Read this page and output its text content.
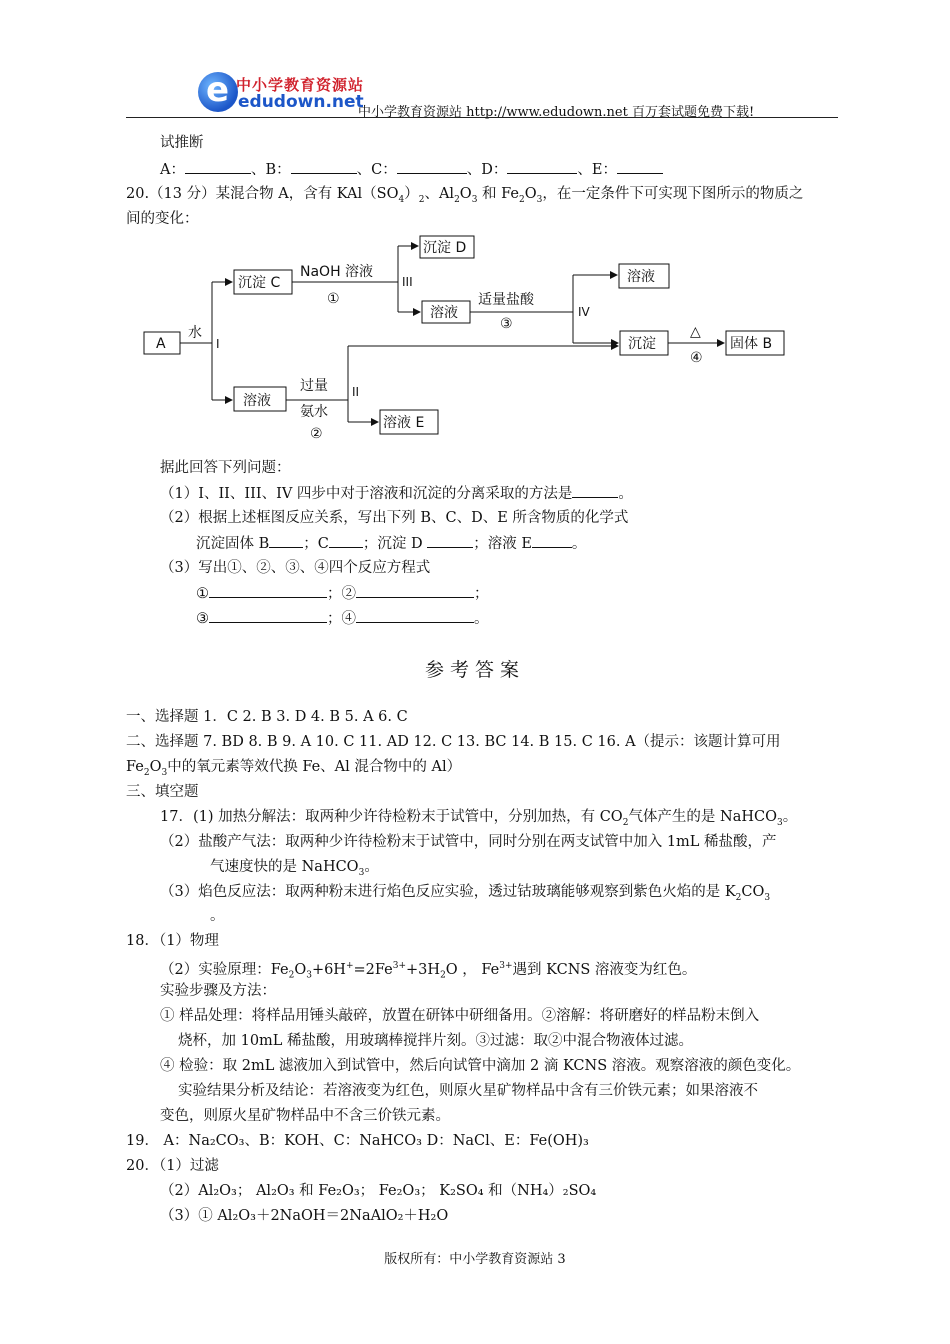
e 中小学教育资源站
edudown.net
中小学教育资源站 http://www.edudown.net 百万套试题免费下载!
试推断
A：	、B：	、C：	、D：	、E：
20.（13 分）某混合物 A，含有 $KAl(SO_4)_2$、$Al_2O_3$ 和 $Fe_2O_3$，在一定条件下可实现下图所示的物质之
间的变化：
A
水
I
沉淀 C
NaOH 溶液
①
III
沉淀 D
溶液
适量盐酸
③
IV
溶液
沉淀
△
④
固体 B
溶液
过量
氨水
②
II
溶液 E
据此回答下列问题：
（1）I、II、III、IV 四步中对于溶液和沉淀的分离采取的方法是	。
（2）根据上述框图反应关系，写出下列 B、C、D、E 所含物质的化学式
沉淀固体 B ；C ；沉淀 D	；溶液 E	。
（3）写出①、②、③、④四个反应方程式
①	；②	；
③	；④	。
参考答案
一、选择题 1．C 2. B 3. D 4. B 5. A 6. C
二、选择题 7. BD 8. B 9. A 10. C 11. AD 12. C 13. BC 14. B 15. C 16. A（提示：该题计算可用
$Fe_2O_3$中的氧元素等效代换 Fe、Al 混合物中的 Al）
三、填空题
17．(1) 加热分解法：取两种少许待检粉末于试管中，分别加热，有 $CO_2$气体产生的是 NaHCO$_3$。
（2）盐酸产气法：取两种少许待检粉末于试管中，同时分别在两支试管中加入 1mL 稀盐酸，产
气速度快的是 NaHCO$_3$。
（3）焰色反应法：取两种粉末进行焰色反应实验，透过钴玻璃能够观察到紫色火焰的是 $K_2CO_3$
。
18．（1）物理
（2）实验原理：$Fe_2O_3+6H^+=2Fe^{3+}+3H_2O$ ， $Fe^{3+}$遇到 KCNS 溶液变为红色。
实验步骤及方法：
① 样品处理：将样品用锤头敲碎，放置在研钵中研细备用。②溶解：将研磨好的样品粉末倒入
烧杯，加 10mL 稀盐酸，用玻璃棒搅拌片刻。③过滤：取②中混合物液体过滤。
④ 检验：取 2mL 滤液加入到试管中，然后向试管中滴加 2 滴 KCNS 溶液。观察溶液的颜色变化。
实验结果分析及结论：若溶液变为红色，则原火星矿物样品中含有三价铁元素；如果溶液不
变色，则原火星矿物样品中不含三价铁元素。
19． A：Na₂CO₃、B：KOH、C：NaHCO₃ D：NaCl、E：Fe(OH)₃
20．（1）过滤
（2）Al₂O₃； Al₂O₃ 和 Fe₂O₃； Fe₂O₃； K₂SO₄ 和（NH₄）₂SO₄
（3）① Al₂O₃＋2NaOH＝2NaAlO₂＋H₂O
版权所有：中小学教育资源站 3
